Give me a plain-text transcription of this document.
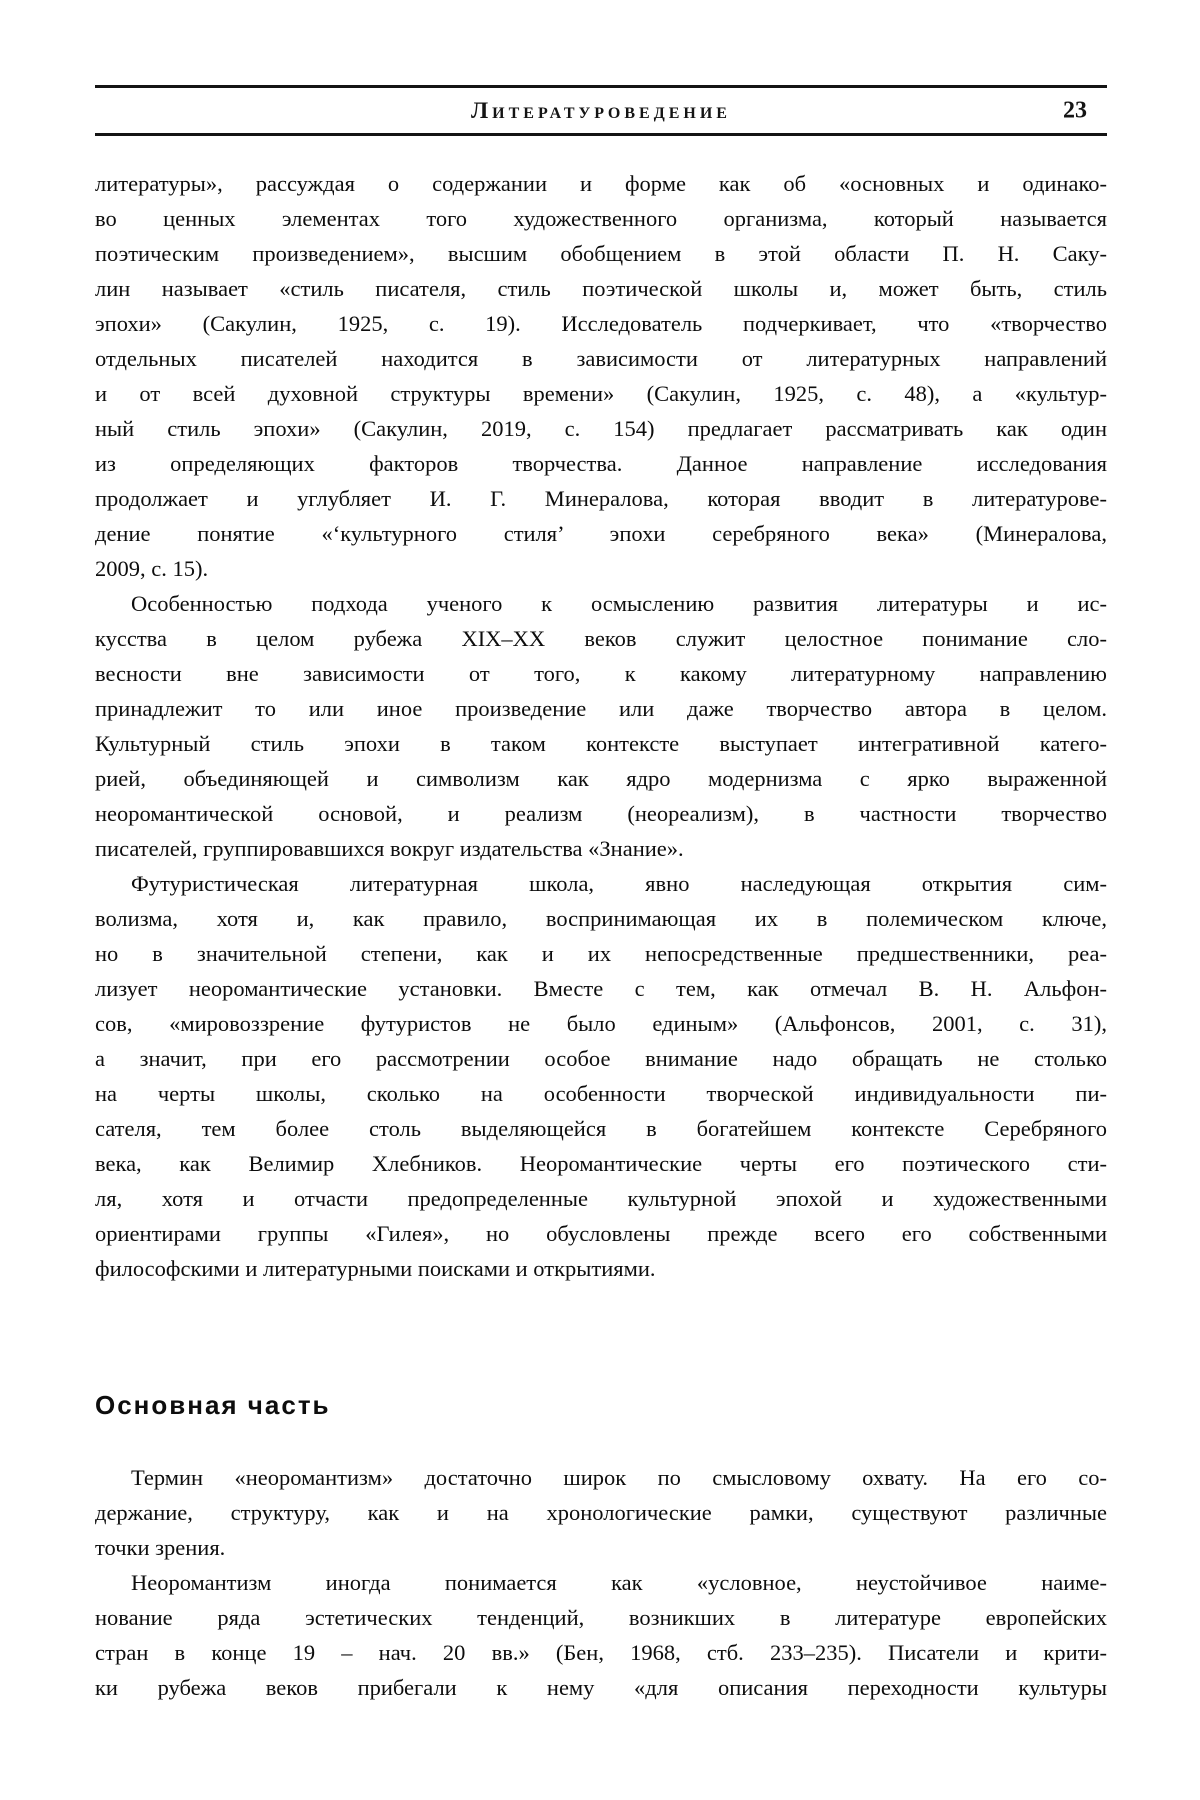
Литературоведение	23
литературы», рассуждая о содержании и форме как об «основных и одинако-
во ценных элементах того художественного организма, который называется
поэтическим произведением», высшим обобщением в этой области П. Н. Саку-
лин называет «стиль писателя, стиль поэтической школы и, может быть, стиль
эпохи» (Сакулин, 1925, с. 19). Исследователь подчеркивает, что «творчество
отдельных писателей находится в зависимости от литературных направлений
и от всей духовной структуры времени» (Сакулин, 1925, с. 48), а «культур-
ный стиль эпохи» (Сакулин, 2019, с. 154) предлагает рассматривать как один
из определяющих факторов творчества. Данное направление исследования
продолжает и углубляет И. Г. Минералова, которая вводит в литературове-
дение понятие «‘культурного стиля’ эпохи серебряного века» (Минералова,
2009, с. 15).
Особенностью подхода ученого к осмыслению развития литературы и ис-
кусства в целом рубежа XIX–XX веков служит целостное понимание сло-
весности вне зависимости от того, к какому литературному направлению
принадлежит то или иное произведение или даже творчество автора в целом.
Культурный стиль эпохи в таком контексте выступает интегративной катего-
рией, объединяющей и символизм как ядро модернизма с ярко выраженной
неоромантической основой, и реализм (неореализм), в частности творчество
писателей, группировавшихся вокруг издательства «Знание».
Футуристическая литературная школа, явно наследующая открытия сим-
волизма, хотя и, как правило, воспринимающая их в полемическом ключе,
но в значительной степени, как и их непосредственные предшественники, реа-
лизует неоромантические установки. Вместе с тем, как отмечал В. Н. Альфон-
сов, «мировоззрение футуристов не было единым» (Альфонсов, 2001, с. 31),
а значит, при его рассмотрении особое внимание надо обращать не столько
на черты школы, сколько на особенности творческой индивидуальности пи-
сателя, тем более столь выделяющейся в богатейшем контексте Серебряного
века, как Велимир Хлебников. Неоромантические черты его поэтического сти-
ля, хотя и отчасти предопределенные культурной эпохой и художественными
ориентирами группы «Гилея», но обусловлены прежде всего его собственными
философскими и литературными поисками и открытиями.
Основная часть
Термин «неоромантизм» достаточно широк по смысловому охвату. На его со-
держание, структуру, как и на хронологические рамки, существуют различные
точки зрения.
Неоромантизм иногда понимается как «условное, неустойчивое наиме-
нование ряда эстетических тенденций, возникших в литературе европейских
стран в конце 19 – нач. 20 вв.» (Бен, 1968, стб. 233–235). Писатели и крити-
ки рубежа веков прибегали к нему «для описания переходности культуры
